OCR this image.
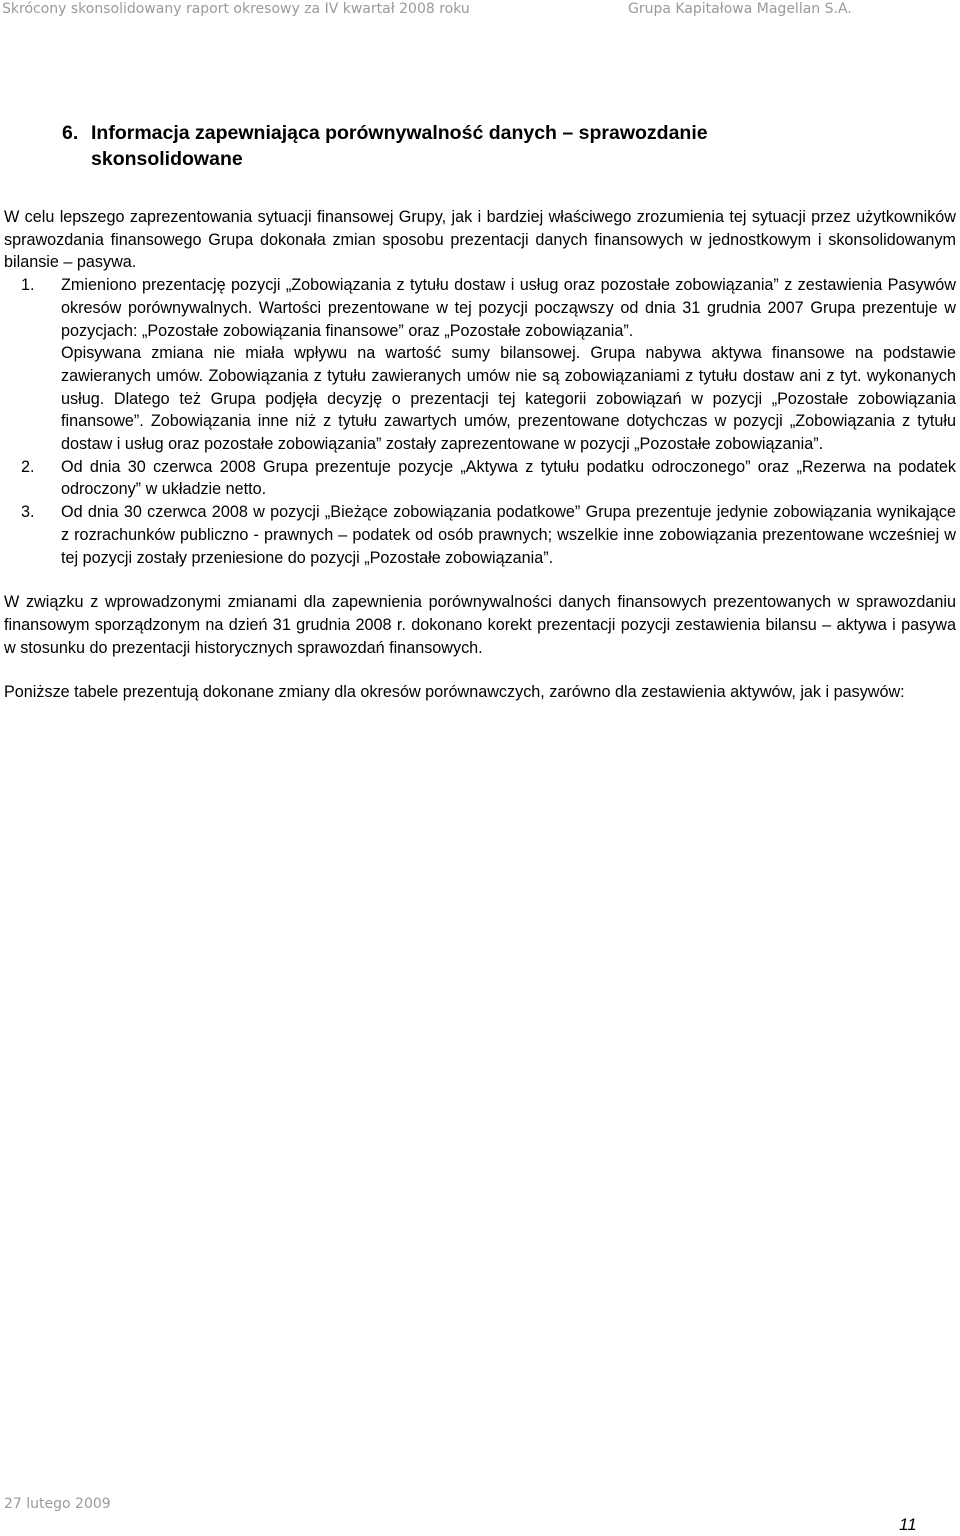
Skrócony skonsolidowany raport okresowy za IV kwartał 2008 roku	Grupa Kapitałowa Magellan S.A.
6. Informacja zapewniająca porównywalność danych – sprawozdanie
skonsolidowane

W celu lepszego zaprezentowania sytuacji finansowej Grupy, jak i bardziej właściwego zrozumienia tej sytuacji przez użytkowników sprawozdania finansowego Grupa dokonała zmian sposobu prezentacji danych finansowych w jednostkowym i skonsolidowanym bilansie – pasywa.

1. Zmieniono prezentację pozycji „Zobowiązania z tytułu dostaw i usług oraz pozostałe zobowiązania” z zestawienia Pasywów okresów porównywalnych. Wartości prezentowane w tej pozycji począwszy od dnia 31 grudnia 2007 Grupa prezentuje w pozycjach: „Pozostałe zobowiązania finansowe” oraz „Pozostałe zobowiązania”.
Opisywana zmiana nie miała wpływu na wartość sumy bilansowej. Grupa nabywa aktywa finansowe na podstawie zawieranych umów. Zobowiązania z tytułu zawieranych umów nie są zobowiązaniami z tytułu dostaw ani z tyt. wykonanych usług. Dlatego też Grupa podjęła decyzję o prezentacji tej kategorii zobowiązań w pozycji „Pozostałe zobowiązania finansowe”. Zobowiązania inne niż z tytułu zawartych umów, prezentowane dotychczas w pozycji „Zobowiązania z tytułu dostaw i usług oraz pozostałe zobowiązania” zostały zaprezentowane w pozycji „Pozostałe zobowiązania”.
2. Od dnia 30 czerwca 2008 Grupa prezentuje pozycje „Aktywa z tytułu podatku odroczonego” oraz „Rezerwa na podatek odroczony” w układzie netto.
3. Od dnia 30 czerwca 2008 w pozycji „Bieżące zobowiązania podatkowe” Grupa prezentuje jedynie zobowiązania wynikające z rozrachunków publiczno - prawnych – podatek od osób prawnych; wszelkie inne zobowiązania prezentowane wcześniej w tej pozycji zostały przeniesione do pozycji „Pozostałe zobowiązania”.

W związku z wprowadzonymi zmianami dla zapewnienia porównywalności danych finansowych prezentowanych w sprawozdaniu finansowym sporządzonym na dzień 31 grudnia 2008 r. dokonano korekt prezentacji pozycji zestawienia bilansu – aktywa i pasywa w stosunku do prezentacji historycznych sprawozdań finansowych.

Poniższe tabele prezentują dokonane zmiany dla okresów porównawczych, zarówno dla zestawienia aktywów, jak i pasywów:

27 lutego 2009
11
